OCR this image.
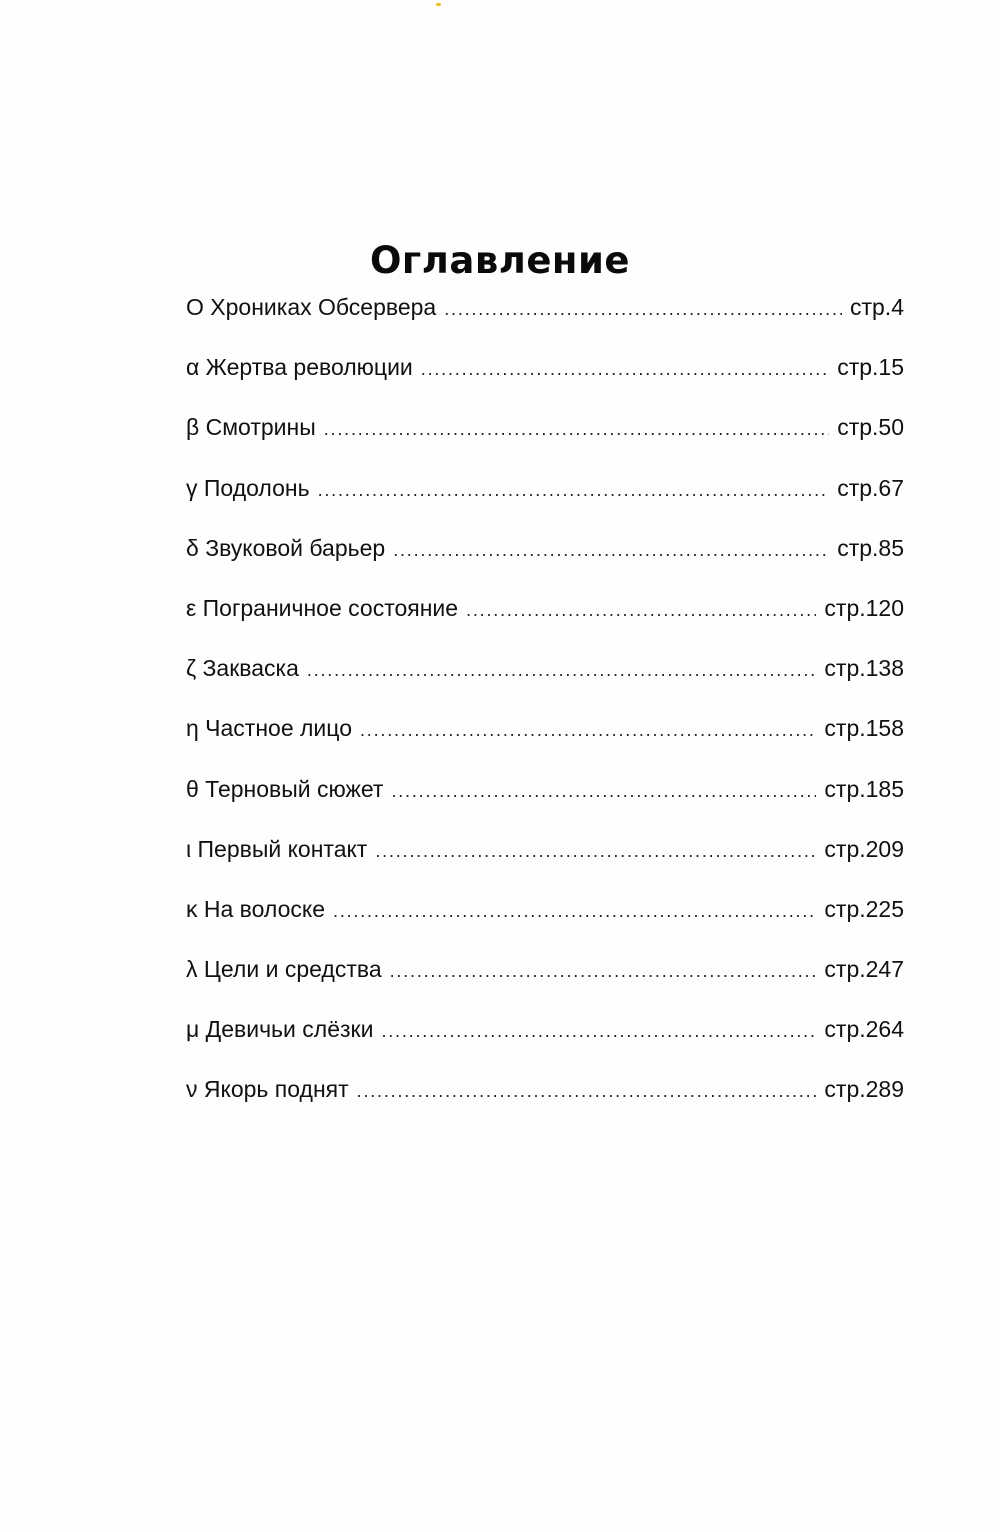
Оглавление
О Хрониках Обсервера . . .	стр.4
α Жертва революции . . .	стр.15
β Смотрины . . .	стр.50
γ Подолонь . . .	стр.67
δ Звуковой барьер . . .	стр.85
ε Пограничное состояние . . .	стр.120
ζ Закваска . . .	стр.138
η Частное лицо . . .	стр.158
θ Терновый сюжет . . .	стр.185
ι Первый контакт . . .	стр.209
κ На волоске . . .	стр.225
λ Цели и средства . . .	стр.247
μ Девичьи слёзки . . .	стр.264
ν Якорь поднят . . .	стр.289
